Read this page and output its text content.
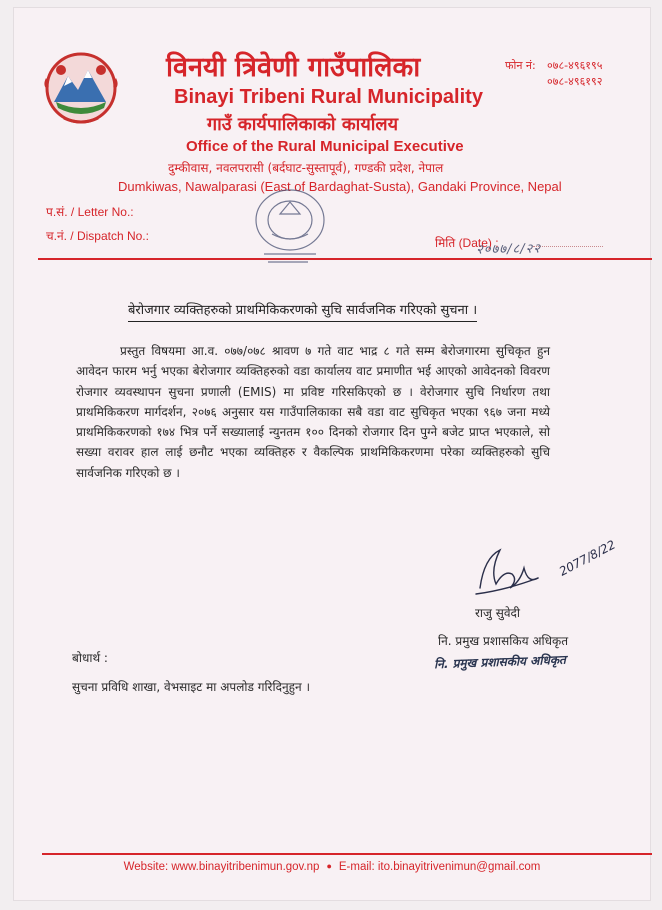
विनयी त्रिवेणी गाउँपालिका
Binayi Tribeni Rural Municipality
गाउँ कार्यपालिकाको कार्यालय
Office of the Rural Municipal Executive
दुम्कीवास, नवलपरासी (बर्दघाट-सुस्तापूर्व), गण्डकी प्रदेश, नेपाल
Dumkiwas, Nawalparasi (East of Bardaghat-Susta), Gandaki Province, Nepal
फोन नं: ०७८-४९६१९५
०७८-४९६१९२
प.सं. / Letter No.:
च.नं. / Dispatch No.:	मिति (Date) :
२०७७/८/२२
बेरोजगार व्यक्तिहरुको प्राथमिकिकरणको सुचि सार्वजनिक गरिएको सुचना ।

प्रस्तुत विषयमा आ.व. ०७७/०७८ श्रावण ७ गते वाट भाद्र ८ गते सम्म बेरोजगारमा सुचिकृत हुन आवेदन फारम भर्नु भएका बेरोजगार व्यक्तिहरुको वडा कार्यालय वाट प्रमाणीत भई आएको आवेदनको विवरण रोजगार व्यवस्थापन सुचना प्रणाली (EMIS) मा प्रविष्ट गरिसकिएको छ । वेरोजगार सुचि निर्धारण तथा प्राथमिकिकरण मार्गदर्शन, २०७६ अनुसार यस गाउँपालिकाका सबै वडा वाट सुचिकृत भएका ९६७ जना मध्ये प्राथमिकिकरणको १७४ भित्र पर्ने सख्यालाई न्युनतम १०० दिनको रोजगार दिन पुग्ने बजेट प्राप्त भएकाले, सो सख्या वरावर हाल लाई छनौट भएका व्यक्तिहरु र वैकल्पिक प्राथमिकिकरणमा परेका व्यक्तिहरुको सुचि सार्वजनिक गरिएको छ ।

2077/8/22
राजु सुवेदी
नि. प्रमुख प्रशासकिय अधिकृत
नि. प्रमुख प्रशासकीय अधिकृत
बोधार्थ :
सुचना प्रविधि शाखा, वेभसाइट मा अपलोड गरिदिनुहुन ।
Website: www.binayitribenimun.gov.np ● E-mail: ito.binayitrivenimun@gmail.com
